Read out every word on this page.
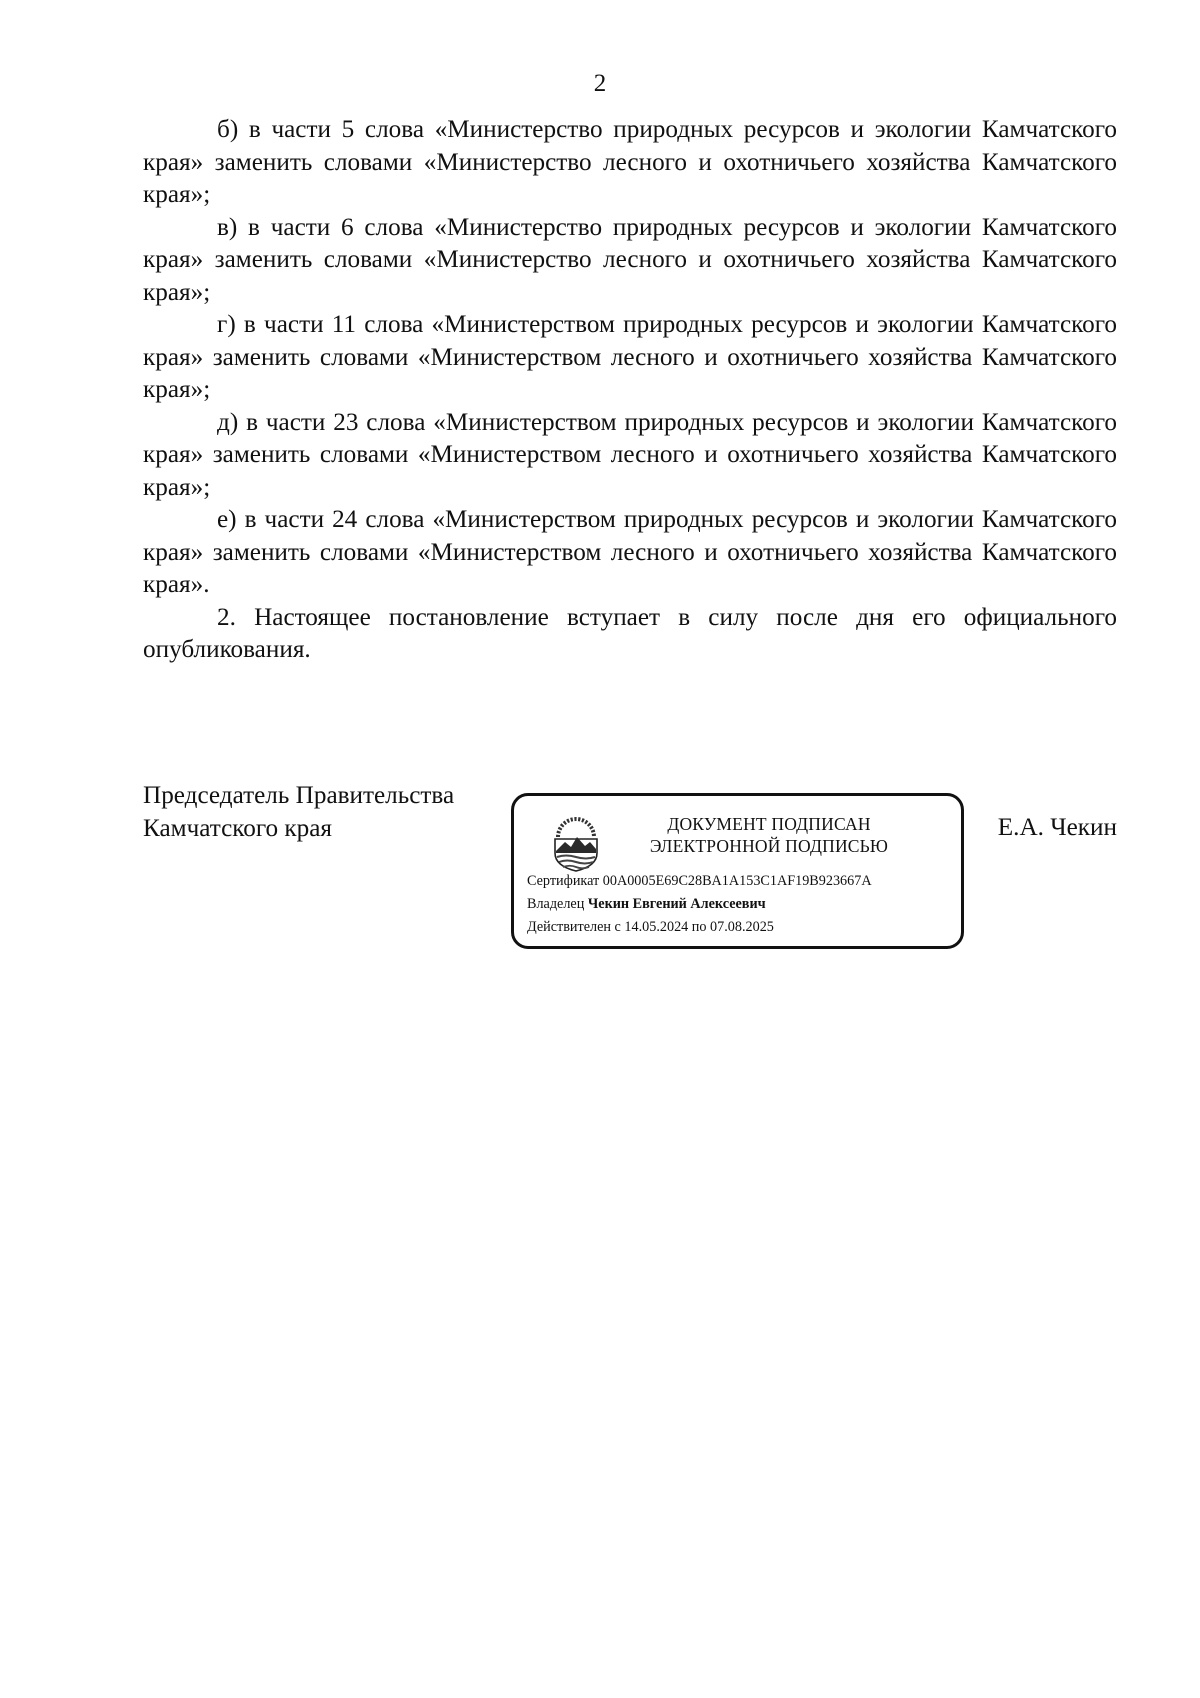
2

б) в части 5 слова «Министерство природных ресурсов и экологии Камчатского края» заменить словами «Министерство лесного и охотничьего хозяйства Камчатского края»;

в) в части 6 слова «Министерство природных ресурсов и экологии Камчатского края» заменить словами «Министерство лесного и охотничьего хозяйства Камчатского края»;

г) в части 11 слова «Министерством природных ресурсов и экологии Камчатского края» заменить словами «Министерством лесного и охотничьего хозяйства Камчатского края»;

д) в части 23 слова «Министерством природных ресурсов и экологии Камчатского края» заменить словами «Министерством лесного и охотничьего хозяйства Камчатского края»;

е) в части 24 слова «Министерством природных ресурсов и экологии Камчатского края» заменить словами «Министерством лесного и охотничьего хозяйства Камчатского края».

2. Настоящее постановление вступает в силу после дня его официального опубликования.

Председатель Правительства
Камчатского края	ДОКУМЕНТ ПОДПИСАН
ЭЛЕКТРОННОЙ ПОДПИСЬЮ
Сертификат 00A0005E69C28BA1A153C1AF19B923667A
Владелец Чекин Евгений Алексеевич
Действителен с 14.05.2024 по 07.08.2025
Е.А. Чекин
